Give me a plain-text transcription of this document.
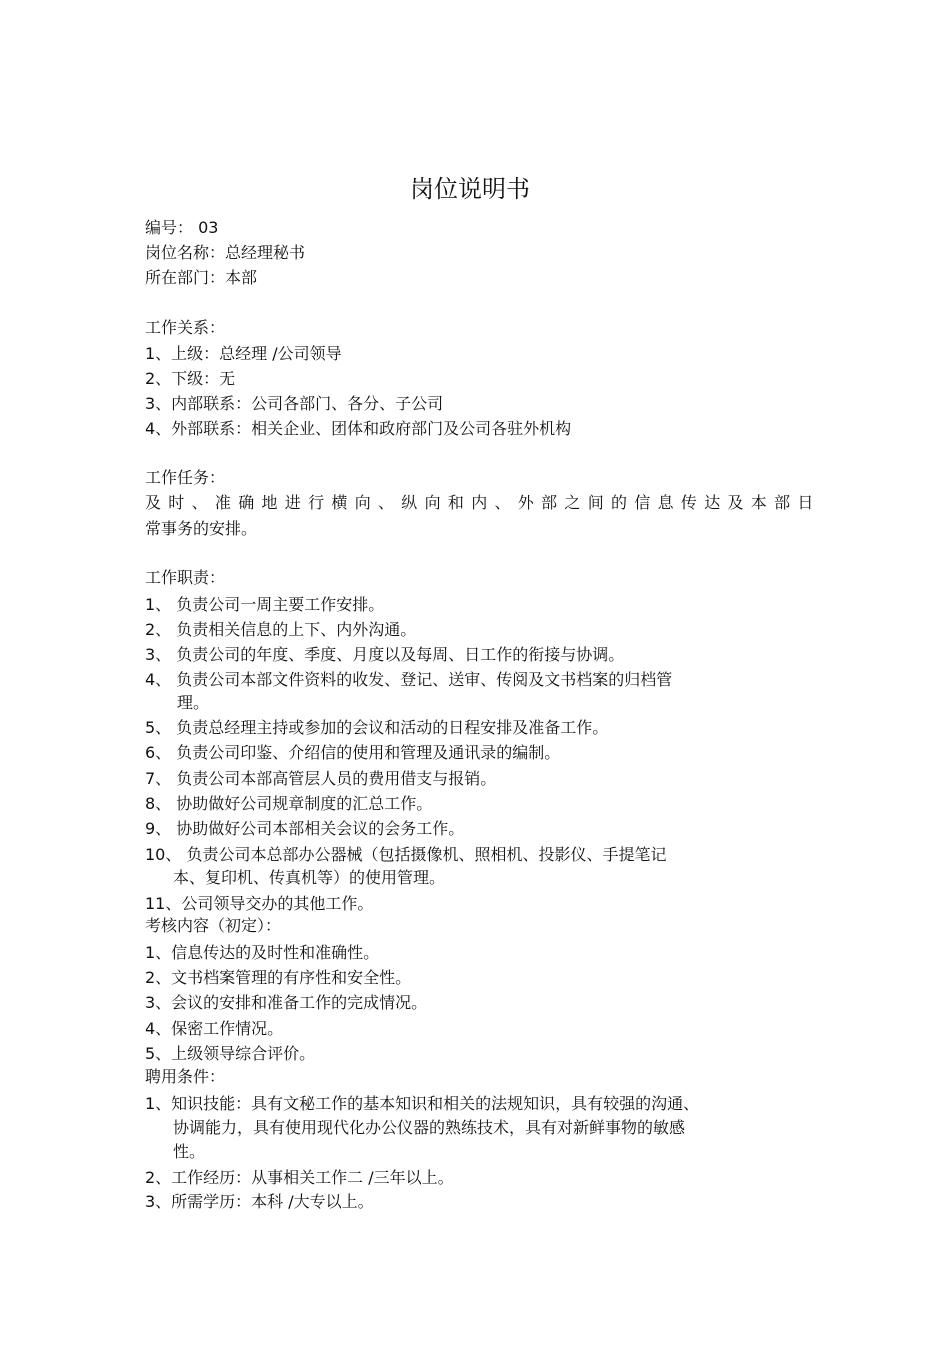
岗位说明书
编号： 03
岗位名称：总经理秘书
所在部门：本部
工作关系：
1、上级：总经理 /公司领导
2、下级：无
3、内部联系：公司各部门、各分、子公司
4、外部联系：相关企业、团体和政府部门及公司各驻外机构
工作任务：
及时、准确地进行横向、纵向和内、外部之间的信息传达及本部日
常事务的安排。
工作职责：
1、 负责公司一周主要工作安排。
2、 负责相关信息的上下、内外沟通。
3、 负责公司的年度、季度、月度以及每周、日工作的衔接与协调。
4、 负责公司本部文件资料的收发、登记、送审、传阅及文书档案的归档管
理。
5、 负责总经理主持或参加的会议和活动的日程安排及准备工作。
6、 负责公司印鉴、介绍信的使用和管理及通讯录的编制。
7、 负责公司本部高管层人员的费用借支与报销。
8、 协助做好公司规章制度的汇总工作。
9、 协助做好公司本部相关会议的会务工作。
10、 负责公司本总部办公器械（包括摄像机、照相机、投影仪、手提笔记
本、复印机、传真机等）的使用管理。
11、公司领导交办的其他工作。
考核内容（初定）：
1、信息传达的及时性和准确性。
2、文书档案管理的有序性和安全性。
3、会议的安排和准备工作的完成情况。
4、保密工作情况。
5、上级领导综合评价。
聘用条件：
1、知识技能：具有文秘工作的基本知识和相关的法规知识，具有较强的沟通、
协调能力，具有使用现代化办公仪器的熟练技术，具有对新鲜事物的敏感
性。
2、工作经历：从事相关工作二 /三年以上。
3、所需学历：本科 /大专以上。
